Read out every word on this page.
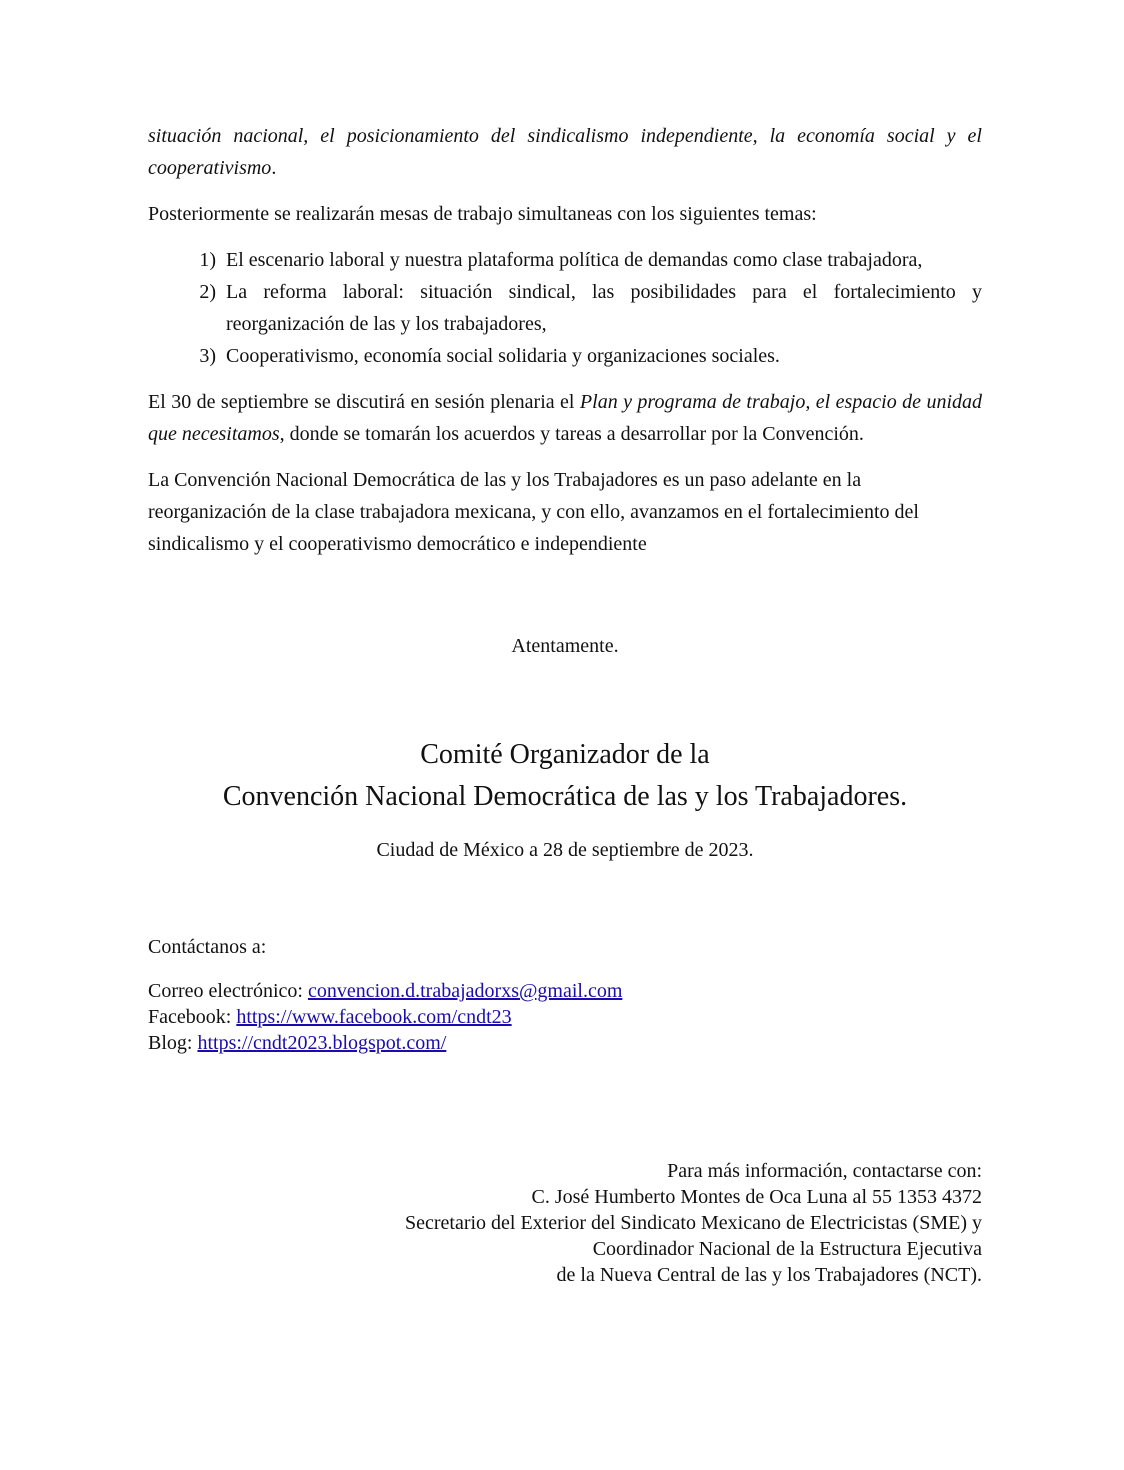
situación nacional, el posicionamiento del sindicalismo independiente, la economía social y el cooperativismo.

Posteriormente se realizarán mesas de trabajo simultaneas con los siguientes temas:

1) El escenario laboral y nuestra plataforma política de demandas como clase trabajadora,
2) La reforma laboral: situación sindical, las posibilidades para el fortalecimiento y reorganización de las y los trabajadores,
3) Cooperativismo, economía social solidaria y organizaciones sociales.

El 30 de septiembre se discutirá en sesión plenaria el Plan y programa de trabajo, el espacio de unidad que necesitamos, donde se tomarán los acuerdos y tareas a desarrollar por la Convención.

La Convención Nacional Democrática de las y los Trabajadores es un paso adelante en la reorganización de la clase trabajadora mexicana, y con ello, avanzamos en el fortalecimiento del sindicalismo y el cooperativismo democrático e independiente

Atentamente.

Comité Organizador de la
Convención Nacional Democrática de las y los Trabajadores.

Ciudad de México a 28 de septiembre de 2023.

Contáctanos a:
Correo electrónico: convencion.d.trabajadorxs@gmail.com
Facebook: https://www.facebook.com/cndt23
Blog: https://cndt2023.blogspot.com/
Para más información, contactarse con:
C. José Humberto Montes de Oca Luna al 55 1353 4372
Secretario del Exterior del Sindicato Mexicano de Electricistas (SME) y
Coordinador Nacional de la Estructura Ejecutiva
de la Nueva Central de las y los Trabajadores (NCT).
